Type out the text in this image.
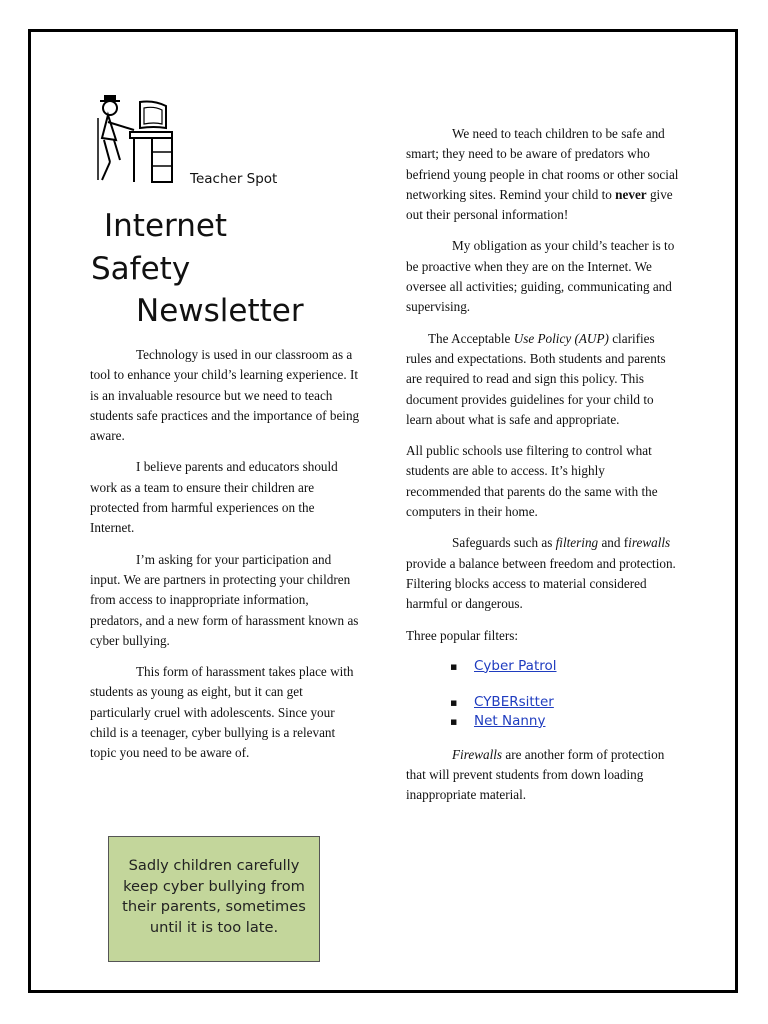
Teacher Spot
Internet
Safety
Newsletter

Technology is used in our classroom as a tool to enhance your child’s learning experience. It is an invaluable resource but we need to teach students safe practices and the importance of being aware.

I believe parents and educators should work as a team to ensure their children are protected from harmful experiences on the Internet.

I’m asking for your participation and input. We are partners in protecting your children from access to inappropriate information, predators, and a new form of harassment known as cyber bullying.

This form of harassment takes place with students as young as eight, but it can get particularly cruel with adolescents. Since your child is a teenager, cyber bullying is a relevant topic you need to be aware of.

Sadly children carefully keep cyber bullying from their parents, sometimes until it is too late.

We need to teach children to be safe and smart; they need to be aware of predators who befriend young people in chat rooms or other social networking sites. Remind your child to never give out their personal information!

My obligation as your child’s teacher is to be proactive when they are on the Internet. We oversee all activities; guiding, communicating and supervising.

The Acceptable Use Policy (AUP) clarifies rules and expectations. Both students and parents are required to read and sign this policy. This document provides guidelines for your child to learn about what is safe and appropriate.

All public schools use filtering to control what students are able to access. It’s highly recommended that parents do the same with the computers in their home.

Safeguards such as filtering and firewalls provide a balance between freedom and protection. Filtering blocks access to material considered harmful or dangerous.

Three popular filters:

▪ Cyber Patrol
▪ CYBERsitter
▪ Net Nanny

Firewalls are another form of protection that will prevent students from down loading inappropriate material.
